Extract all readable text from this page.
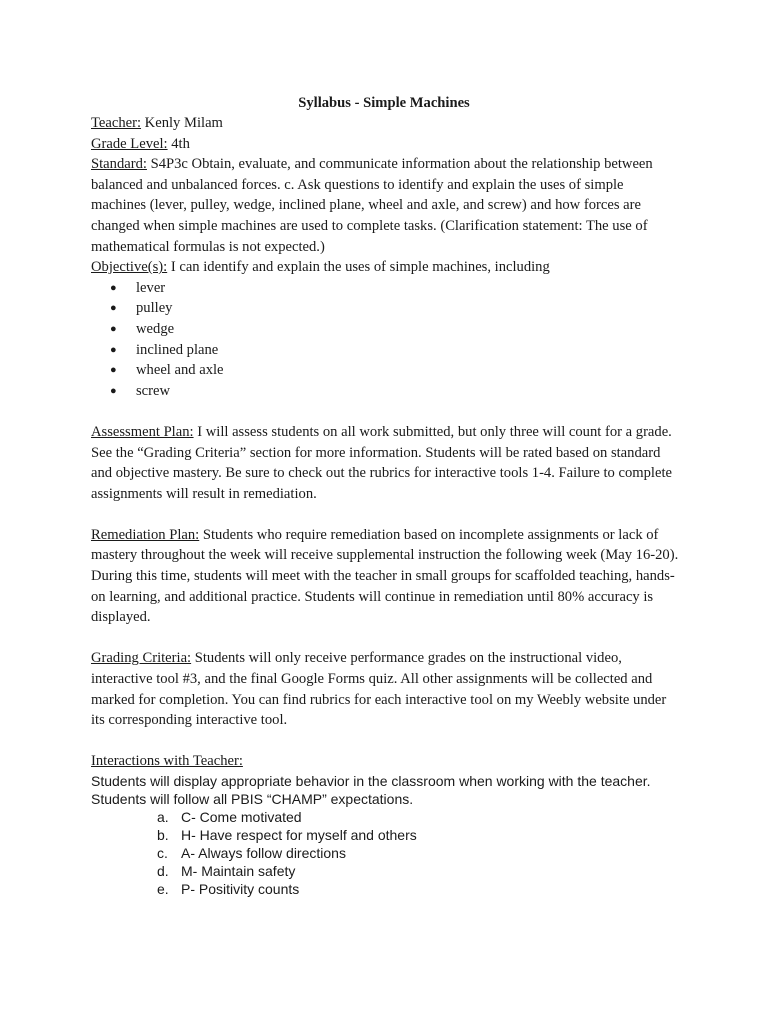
Syllabus - Simple Machines

Teacher: Kenly Milam

Grade Level: 4th

Standard: S4P3c Obtain, evaluate, and communicate information about the relationship between balanced and unbalanced forces. c. Ask questions to identify and explain the uses of simple machines (lever, pulley, wedge, inclined plane, wheel and axle, and screw) and how forces are changed when simple machines are used to complete tasks. (Clarification statement: The use of mathematical formulas is not expected.)

Objective(s): I can identify and explain the uses of simple machines, including

● lever
● pulley
● wedge
● inclined plane
● wheel and axle
● screw

Assessment Plan: I will assess students on all work submitted, but only three will count for a grade. See the “Grading Criteria” section for more information. Students will be rated based on standard and objective mastery. Be sure to check out the rubrics for interactive tools 1-4. Failure to complete assignments will result in remediation.

Remediation Plan: Students who require remediation based on incomplete assignments or lack of mastery throughout the week will receive supplemental instruction the following week (May 16-20). During this time, students will meet with the teacher in small groups for scaffolded teaching, hands-on learning, and additional practice. Students will continue in remediation until 80% accuracy is displayed.

Grading Criteria: Students will only receive performance grades on the instructional video, interactive tool #3, and the final Google Forms quiz. All other assignments will be collected and marked for completion. You can find rubrics for each interactive tool on my Weebly website under its corresponding interactive tool.

Interactions with Teacher:

Students will display appropriate behavior in the classroom when working with the teacher.

Students will follow all PBIS “CHAMP” expectations.

a. C- Come motivated
b. H- Have respect for myself and others
c. A- Always follow directions
d. M- Maintain safety
e. P- Positivity counts
